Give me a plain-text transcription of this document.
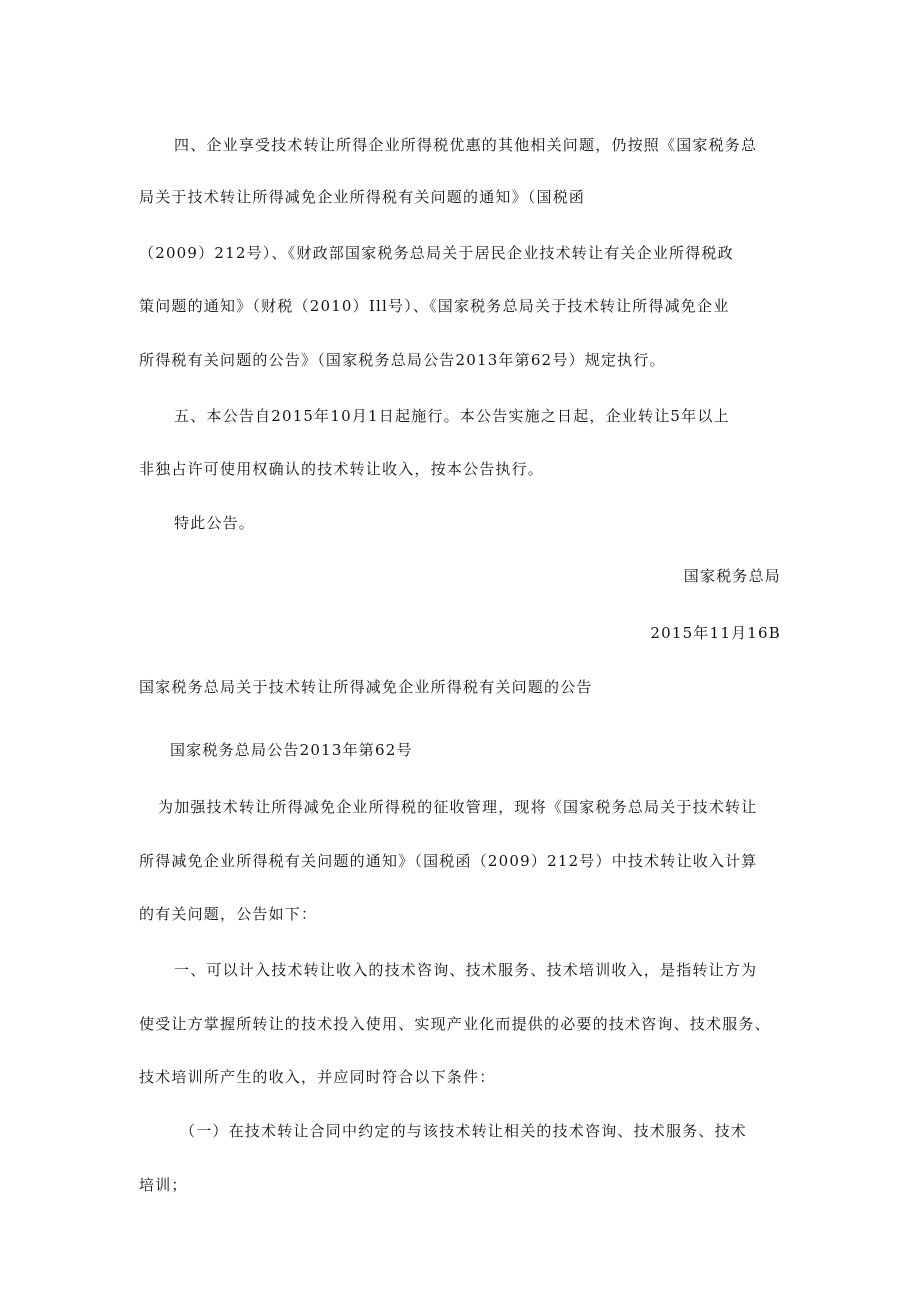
四、企业享受技术转让所得企业所得税优惠的其他相关问题，仍按照《国家税务总
局关于技术转让所得减免企业所得税有关问题的通知》（国税函
（2009）212号）、《财政部国家税务总局关于居民企业技术转让有关企业所得税政
策问题的通知》（财税（2010）Ill号）、《国家税务总局关于技术转让所得减免企业
所得税有关问题的公告》（国家税务总局公告2013年第62号）规定执行。
五、本公告自2015年10月1日起施行。本公告实施之日起，企业转让5年以上
非独占许可使用权确认的技术转让收入，按本公告执行。
特此公告。
国家税务总局
2015年11月16B
国家税务总局关于技术转让所得减免企业所得税有关问题的公告
国家税务总局公告2013年第62号
为加强技术转让所得减免企业所得税的征收管理，现将《国家税务总局关于技术转让
所得减免企业所得税有关问题的通知》（国税函（2009）212号）中技术转让收入计算
的有关问题，公告如下：
一、可以计入技术转让收入的技术咨询、技术服务、技术培训收入，是指转让方为
使受让方掌握所转让的技术投入使用、实现产业化而提供的必要的技术咨询、技术服务、
技术培训所产生的收入，并应同时符合以下条件：
（一）在技术转让合同中约定的与该技术转让相关的技术咨询、技术服务、技术
培训；
